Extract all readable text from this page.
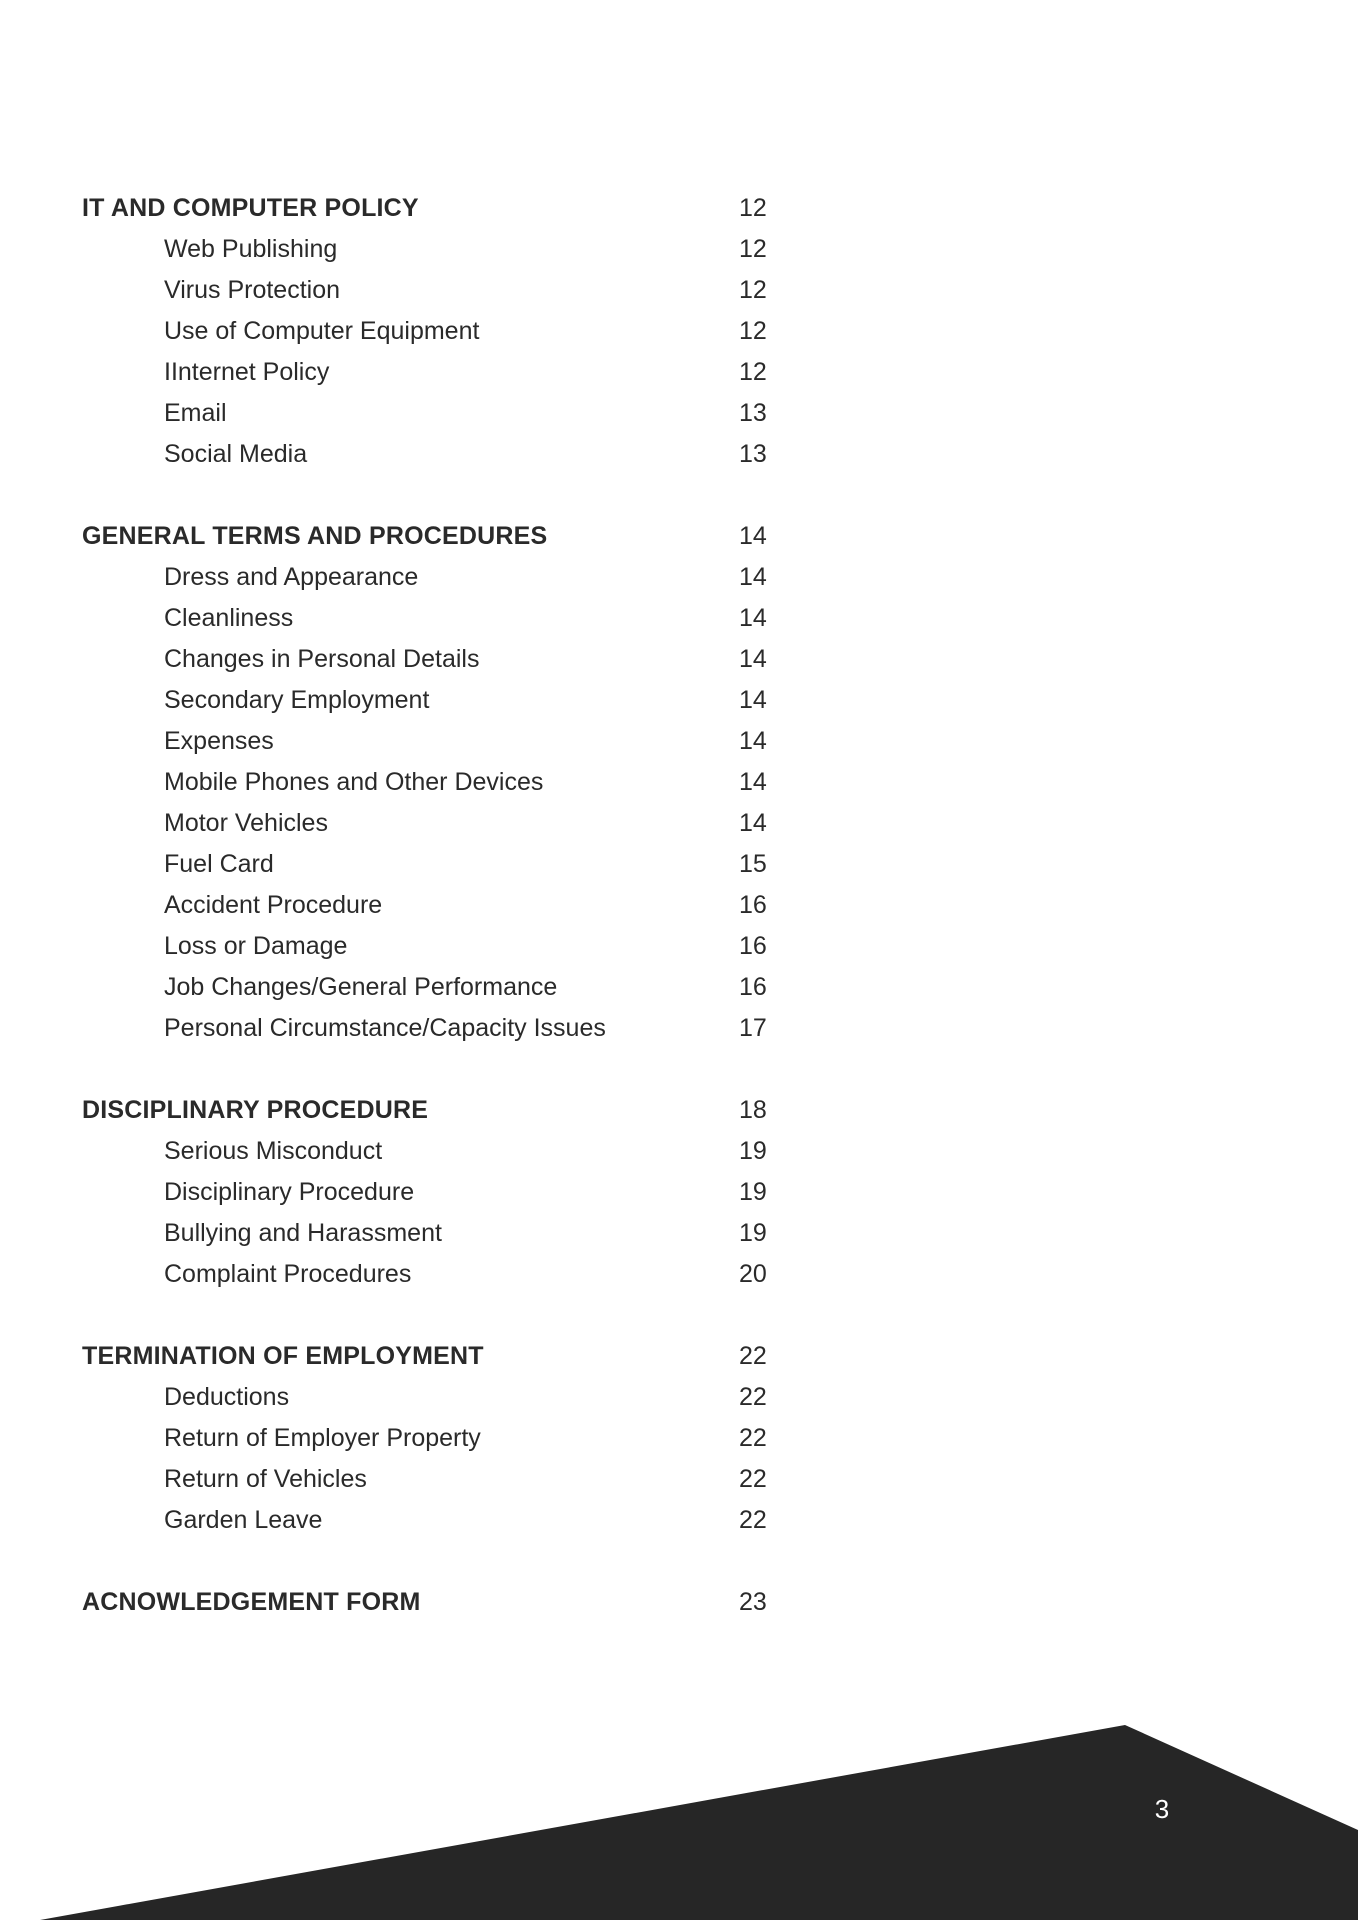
IT AND COMPUTER POLICY	12
Web Publishing	12
Virus Protection	12
Use of Computer Equipment	12
IInternet Policy	12
Email	13
Social Media	13
GENERAL TERMS AND PROCEDURES	14
Dress and Appearance	14
Cleanliness	14
Changes in Personal Details	14
Secondary Employment	14
Expenses	14
Mobile Phones and Other Devices	14
Motor Vehicles	14
Fuel Card	15
Accident Procedure	16
Loss or Damage	16
Job Changes/General Performance	16
Personal Circumstance/Capacity Issues	17
DISCIPLINARY PROCEDURE	18
Serious Misconduct	19
Disciplinary Procedure	19
Bullying and Harassment	19
Complaint Procedures	20
TERMINATION OF EMPLOYMENT	22
Deductions	22
Return of Employer Property	22
Return of Vehicles	22
Garden Leave	22
ACNOWLEDGEMENT FORM	23
3
